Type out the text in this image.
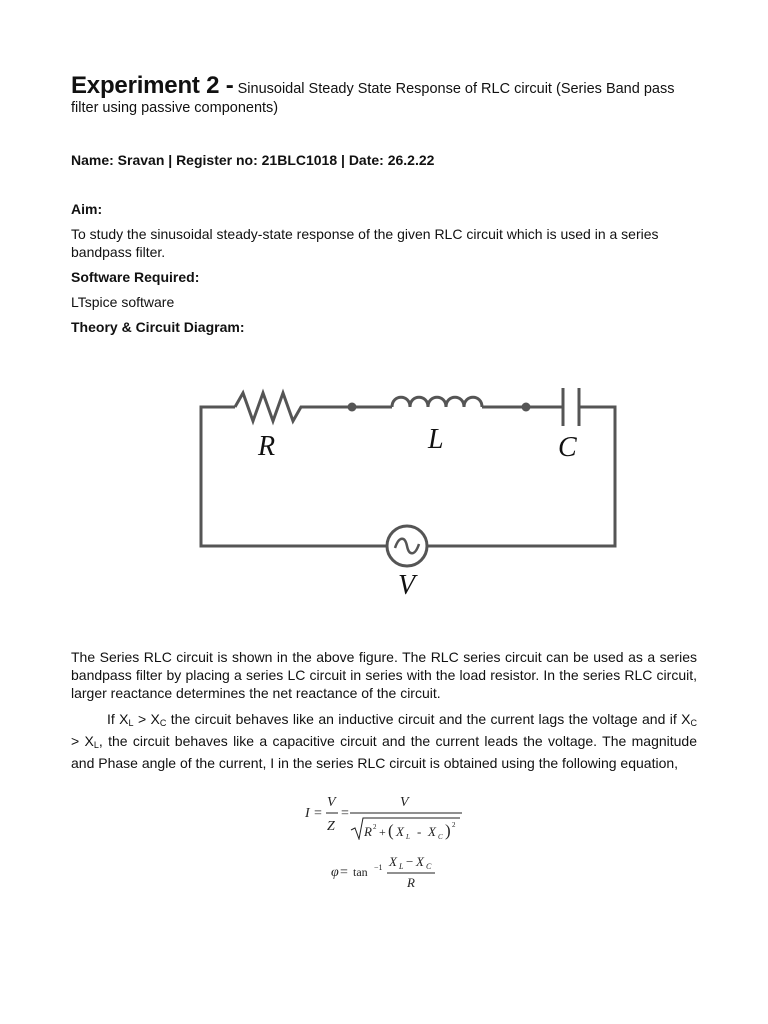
Experiment 2 - Sinusoidal Steady State Response of RLC circuit (Series Band pass filter using passive components)
Name: Sravan | Register no: 21BLC1018 | Date: 26.2.22
Aim:

To study the sinusoidal steady-state response of the given RLC circuit which is used in a series bandpass filter.

Software Required:

LTspice software

Theory & Circuit Diagram:
R	L	C
V

The Series RLC circuit is shown in the above figure. The RLC series circuit can be used as a series bandpass filter by placing a series LC circuit in series with the load resistor. In the series RLC circuit, larger reactance determines the net reactance of the circuit.

If $X_L > X_C$ the circuit behaves like an inductive circuit and the current lags the voltage and if $X_C > X_L$, the circuit behaves like a capacitive circuit and the current leads the voltage. The magnitude and Phase angle of the current, I in the series RLC circuit is obtained using the following equation,

I =
V
Z
=
V
R 2 + ( X L - X C ) 2
φ = tan −1 X L − X C
R
